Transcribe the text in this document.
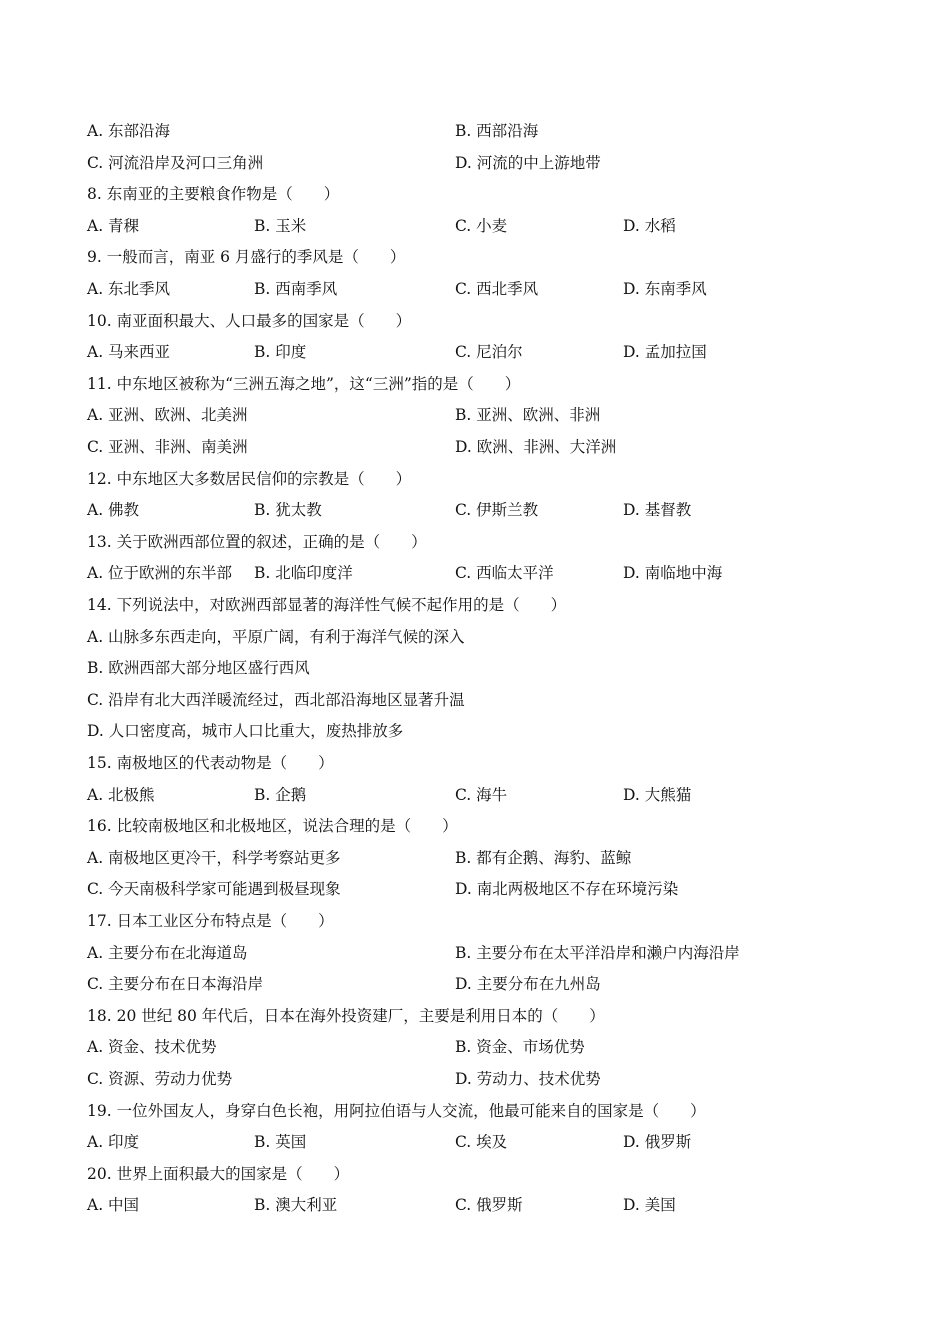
A. 东部沿海	B. 西部沿海
C. 河流沿岸及河口三角洲	D. 河流的中上游地带
8. 东南亚的主要粮食作物是（　　）
A. 青稞	B. 玉米	C. 小麦	D. 水稻
9. 一般而言，南亚 6 月盛行的季风是（　　）
A. 东北季风	B. 西南季风	C. 西北季风	D. 东南季风
10. 南亚面积最大、人口最多的国家是（　　）
A. 马来西亚	B. 印度	C. 尼泊尔	D. 孟加拉国
11. 中东地区被称为“三洲五海之地”，这“三洲”指的是（　　）
A. 亚洲、欧洲、北美洲	B. 亚洲、欧洲、非洲
C. 亚洲、非洲、南美洲	D. 欧洲、非洲、大洋洲
12. 中东地区大多数居民信仰的宗教是（　　）
A. 佛教	B. 犹太教	C. 伊斯兰教	D. 基督教
13. 关于欧洲西部位置的叙述，正确的是（　　）
A. 位于欧洲的东半部 B. 北临印度洋	C. 西临太平洋	D. 南临地中海
14. 下列说法中，对欧洲西部显著的海洋性气候不起作用的是（　　）
A. 山脉多东西走向，平原广阔，有利于海洋气候的深入
B. 欧洲西部大部分地区盛行西风
C. 沿岸有北大西洋暖流经过，西北部沿海地区显著升温
D. 人口密度高，城市人口比重大，废热排放多
15. 南极地区的代表动物是（　　）
A. 北极熊	B. 企鹅	C. 海牛	D. 大熊猫
16. 比较南极地区和北极地区，说法合理的是（　　）
A. 南极地区更冷干，科学考察站更多	B. 都有企鹅、海豹、蓝鲸
C. 今天南极科学家可能遇到极昼现象	D. 南北两极地区不存在环境污染
17. 日本工业区分布特点是（　　）
A. 主要分布在北海道岛	B. 主要分布在太平洋沿岸和濑户内海沿岸
C. 主要分布在日本海沿岸	D. 主要分布在九州岛
18. 20 世纪 80 年代后，日本在海外投资建厂，主要是利用日本的（　　）
A. 资金、技术优势	B. 资金、市场优势
C. 资源、劳动力优势	D. 劳动力、技术优势
19. 一位外国友人，身穿白色长袍，用阿拉伯语与人交流，他最可能来自的国家是（　　）
A. 印度	B. 英国	C. 埃及	D. 俄罗斯
20. 世界上面积最大的国家是（　　）
A. 中国	B. 澳大利亚	C. 俄罗斯	D. 美国
